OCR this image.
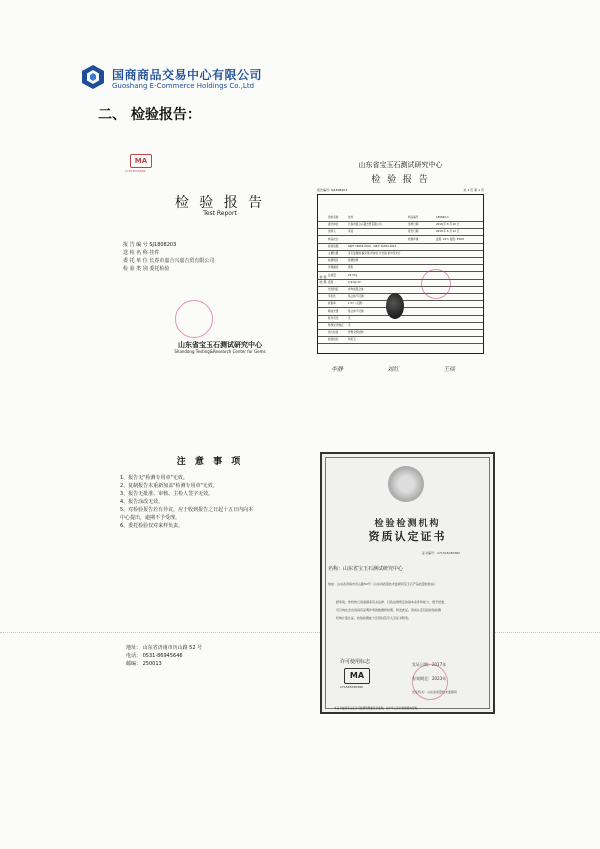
国商商品交易中心有限公司
Guoshang E-Commerce Holdings Co.,Ltd
二、 检验报告：
MA
17015D/0382
检 验 报 告
Test Report
报 告 编 号 SJ1808203
送 检 名 称 挂件
委 托 单 位 长春市嘉合兴嘉吉贸有限公司
检 验 类 别 委托检验
山东省宝玉石测试研究中心
Shandong Testing&Research Center for Gems
山东省宝玉石测试研究中心
检 验 报 告
报告编号: SJ1808203	共 1 页 第 1 页
检 验 结 果
送检名称	挂件	样品编号	180820-3
委托单位	长春市嘉合兴嘉吉贸有限公司	送样日期	2018 年 8 月 20 日
送样人	李凌	报告日期	2018 年 8 月 21 日
样品状态	检测环境	温度: 22℃ 湿度: 55RH
检验依据	GB/T 16552-2010、GB/T 16553-2010
主要仪器	宝石显微镜 偏光镜 折射仪 分光镜 紫外荧光灯
检测项目	检测结果
外观描述	黑色
总质量	29.37g
密度	2.97g/cm³
光性特征	非均质集合体
多色性	集合体不可测
折射率	1.57（点测）
吸收光谱	集合体不可测
紫外荧光	无
特殊光学效应 无
放大检查	纤维交织结构
检验结论	和田玉
李静	刘红	王琰
注 意 事 项
1、报告无"检测专用章"无效。
2、复制报告未重新加盖"检测专用章"无效。
3、报告无批准、审核、主检人签字无效。
4、报告涂改无效。
5、对检验报告若有异议，应于收到报告之日起十五日内向本
中心提出，逾期不予受理。
6、委托检验仅对来样负责。
地址： 山东省济南市历山路 52 号
电话： 0531-86945646
邮编： 250013
检验检测机构
资质认定证书
证书编号：171515030382
名称：山东省宝玉石测试研究中心
地址：山东省济南市历山路52号（山东省质量技术监督局宝玉石产品质量检验站）
经审查，你机构已具备国家有关法律、行政法规规定的基本条件和能力，现予批准，
可以向社会出具具有证明作用的数据和结果，特发此证。资质认定包括检验检测
机构计量认证。检验检测能力及授权签字人见证书附表。
许可使用标志
MA
171515030382
发证日期：2017年
有效期至：2023年
发证机关：山东省质量技术监督局
本证书由国家认证认可监督管理委员会监制，在中华人民共和国境内有效。
